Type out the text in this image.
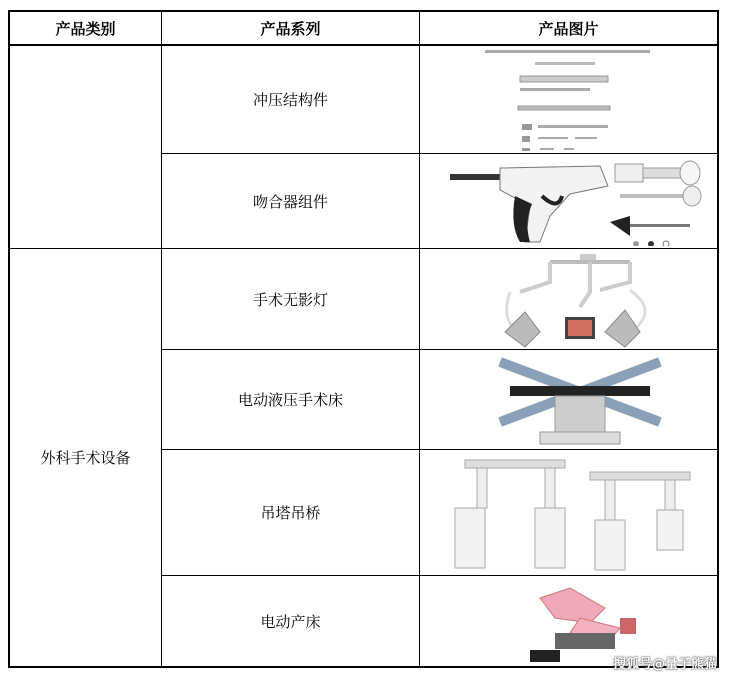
产品类别	产品系列	产品图片
外科手术设备
冲压结构件
吻合器组件
手术无影灯
电动液压手术床
吊塔吊桥
电动产床
搜狐号@量子熊猫
